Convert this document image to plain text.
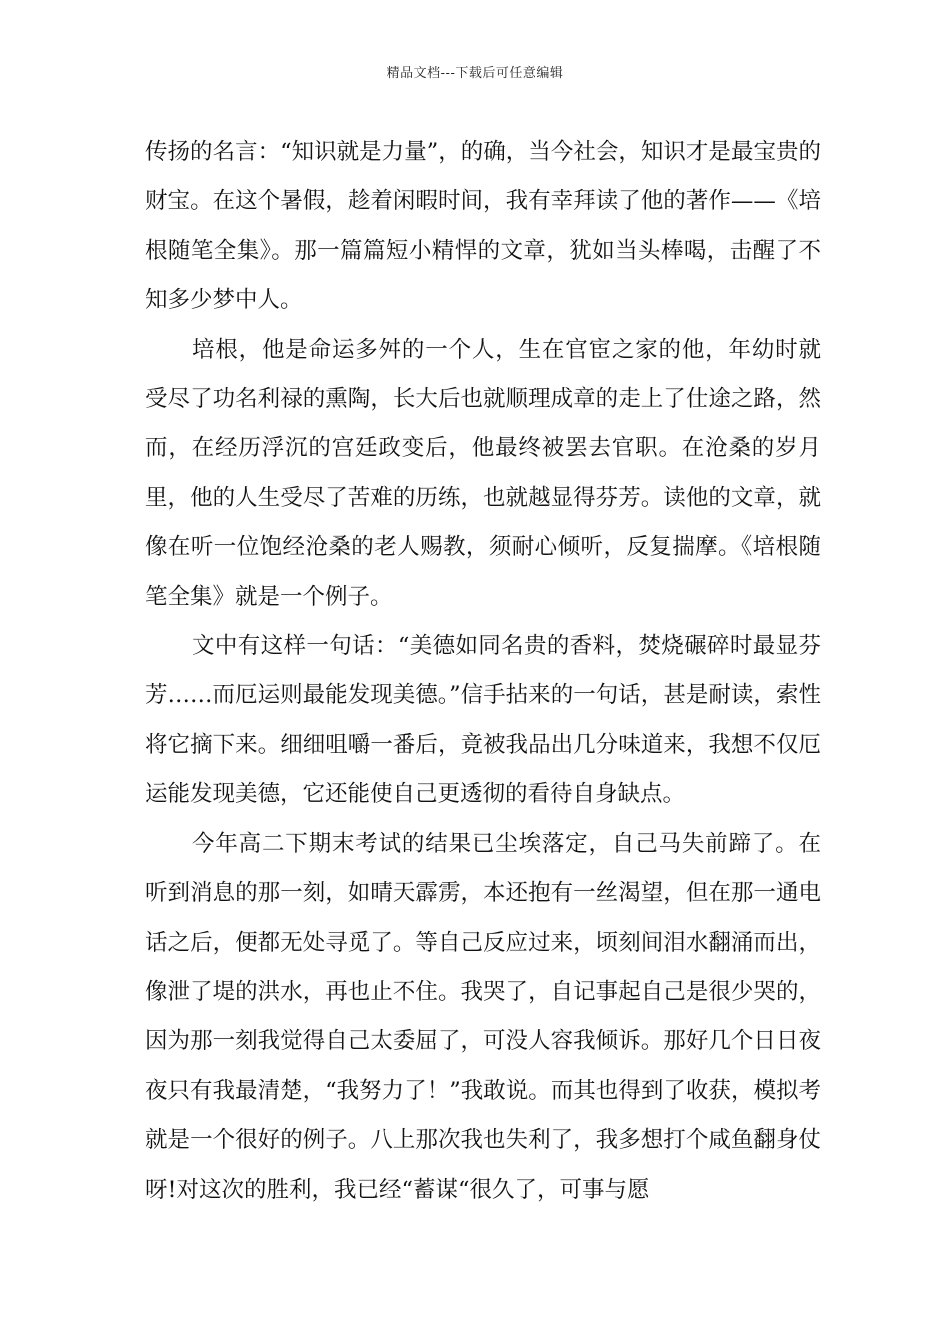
精品文档---下载后可任意编辑

传扬的名言：“知识就是力量”，的确，当今社会，知识才是最宝贵的财宝。在这个暑假，趁着闲暇时间，我有幸拜读了他的著作——《培根随笔全集》。那一篇篇短小精悍的文章，犹如当头棒喝，击醒了不知多少梦中人。

培根，他是命运多舛的一个人，生在官宦之家的他，年幼时就受尽了功名利禄的熏陶，长大后也就顺理成章的走上了仕途之路，然而，在经历浮沉的宫廷政变后，他最终被罢去官职。在沧桑的岁月里，他的人生受尽了苦难的历练，也就越显得芬芳。读他的文章，就像在听一位饱经沧桑的老人赐教，须耐心倾听，反复揣摩。《培根随笔全集》就是一个例子。

文中有这样一句话：“美德如同名贵的香料，焚烧碾碎时最显芬芳……而厄运则最能发现美德。”信手拈来的一句话，甚是耐读，索性将它摘下来。细细咀嚼一番后，竟被我品出几分味道来，我想不仅厄运能发现美德，它还能使自己更透彻的看待自身缺点。

今年高二下期末考试的结果已尘埃落定，自己马失前蹄了。在听到消息的那一刻，如晴天霹雳，本还抱有一丝渴望，但在那一通电话之后，便都无处寻觅了。等自己反应过来，顷刻间泪水翻涌而出，像泄了堤的洪水，再也止不住。我哭了，自记事起自己是很少哭的，因为那一刻我觉得自己太委屈了，可没人容我倾诉。那好几个日日夜夜只有我最清楚，“我努力了！”我敢说。而其也得到了收获，模拟考就是一个很好的例子。八上那次我也失利了，我多想打个咸鱼翻身仗呀!对这次的胜利，我已经“蓄谋“很久了，可事与愿
